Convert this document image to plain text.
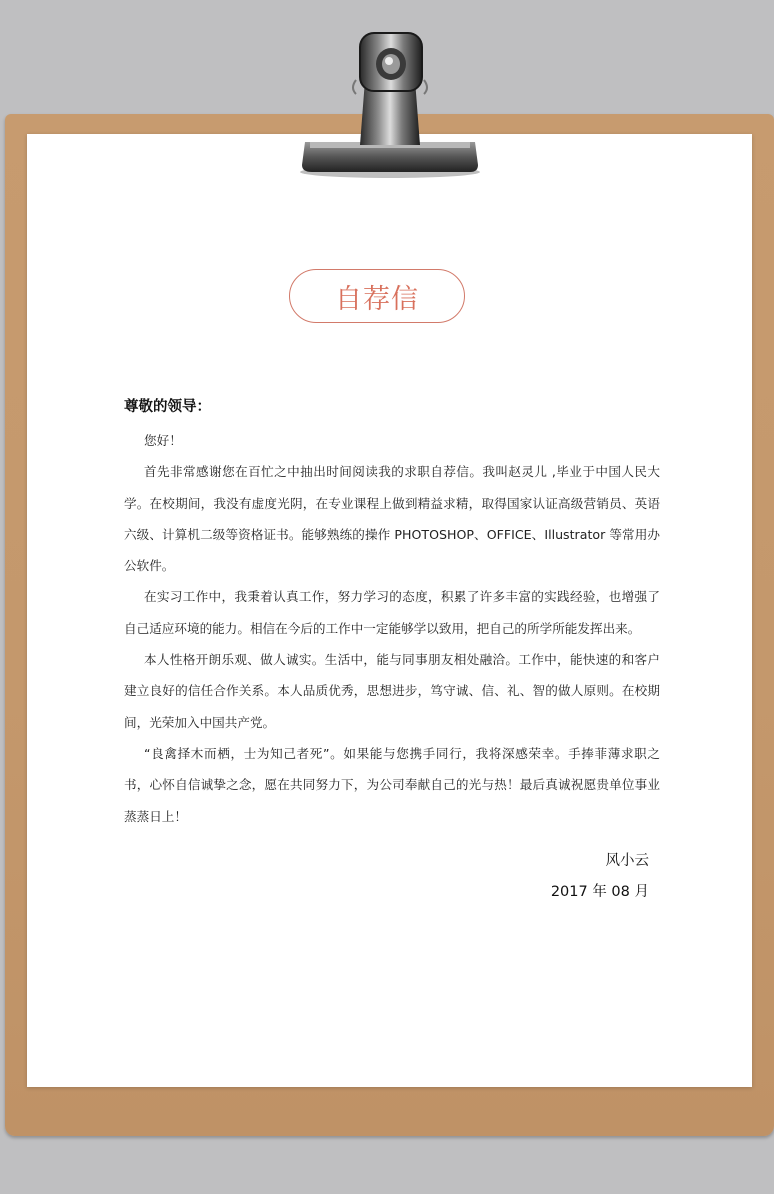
自荐信
尊敬的领导：

您好！

首先非常感谢您在百忙之中抽出时间阅读我的求职自荐信。我叫赵灵儿 ,毕业于中国人民大学。在校期间，我没有虚度光阴，在专业课程上做到精益求精，取得国家认证高级营销员、英语六级、计算机二级等资格证书。能够熟练的操作 PHOTOSHOP、OFFICE、Illustrator 等常用办公软件。

在实习工作中，我秉着认真工作，努力学习的态度，积累了许多丰富的实践经验，也增强了自己适应环境的能力。相信在今后的工作中一定能够学以致用，把自己的所学所能发挥出来。

本人性格开朗乐观、做人诚实。生活中，能与同事朋友相处融洽。工作中，能快速的和客户建立良好的信任合作关系。本人品质优秀，思想进步，笃守诚、信、礼、智的做人原则。在校期间，光荣加入中国共产党。

“良禽择木而栖，士为知己者死”。如果能与您携手同行，我将深感荣幸。手捧菲薄求职之书，心怀自信诚挚之念，愿在共同努力下，为公司奉献自己的光与热！最后真诚祝愿贵单位事业蒸蒸日上！

风小云
2017 年 08 月
